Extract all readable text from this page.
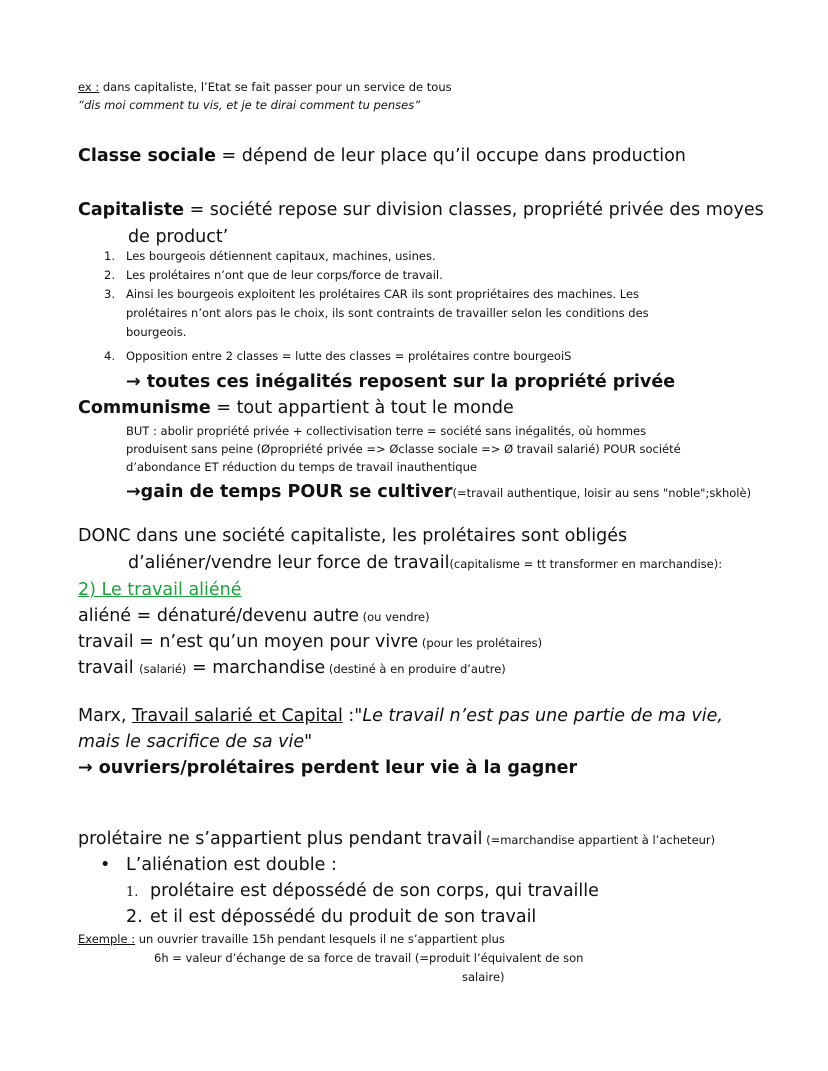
ex : dans capitaliste, l’Etat se fait passer pour un service de tous
“dis moi comment tu vis, et je te dirai comment tu penses”
Classe sociale = dépend de leur place qu’il occupe dans production
Capitaliste = société repose sur division classes, propriété privée des moyes
de product’
1. Les bourgeois détiennent capitaux, machines, usines.
2. Les prolétaires n’ont que de leur corps/force de travail.
3. Ainsi les bourgeois exploitent les prolétaires CAR ils sont propriétaires des machines. Les
prolétaires n’ont alors pas le choix, ils sont contraints de travailler selon les conditions des
bourgeois.
4. Opposition entre 2 classes = lutte des classes = prolétaires contre bourgeoiS
→ toutes ces inégalités reposent sur la propriété privée
Communisme = tout appartient à tout le monde
BUT : abolir propriété privée + collectivisation terre = société sans inégalités, où hommes
produisent sans peine (Øpropriété privée => Øclasse sociale => Ø travail salarié) POUR société
d’abondance ET réduction du temps de travail inauthentique
→gain de temps POUR se cultiver(=travail authentique, loisir au sens "noble";skholè)
DONC dans une société capitaliste, les prolétaires sont obligés
d’aliéner/vendre leur force de travail(capitalisme = tt transformer en marchandise):
2) Le travail aliéné
aliéné = dénaturé/devenu autre (ou vendre)
travail = n’est qu’un moyen pour vivre (pour les prolétaires)
travail (salarié) = marchandise (destiné à en produire d’autre)
Marx, Travail salarié et Capital :"Le travail n’est pas une partie de ma vie,
mais le sacrifice de sa vie"
→ ouvriers/prolétaires perdent leur vie à la gagner
prolétaire ne s’appartient plus pendant travail (=marchandise appartient à l’acheteur)
• L’aliénation est double :
1. prolétaire est dépossédé de son corps, qui travaille
2. et il est dépossédé du produit de son travail
Exemple : un ouvrier travaille 15h pendant lesquels il ne s’appartient plus
6h = valeur d’échange de sa force de travail (=produit l’équivalent de son
salaire)
